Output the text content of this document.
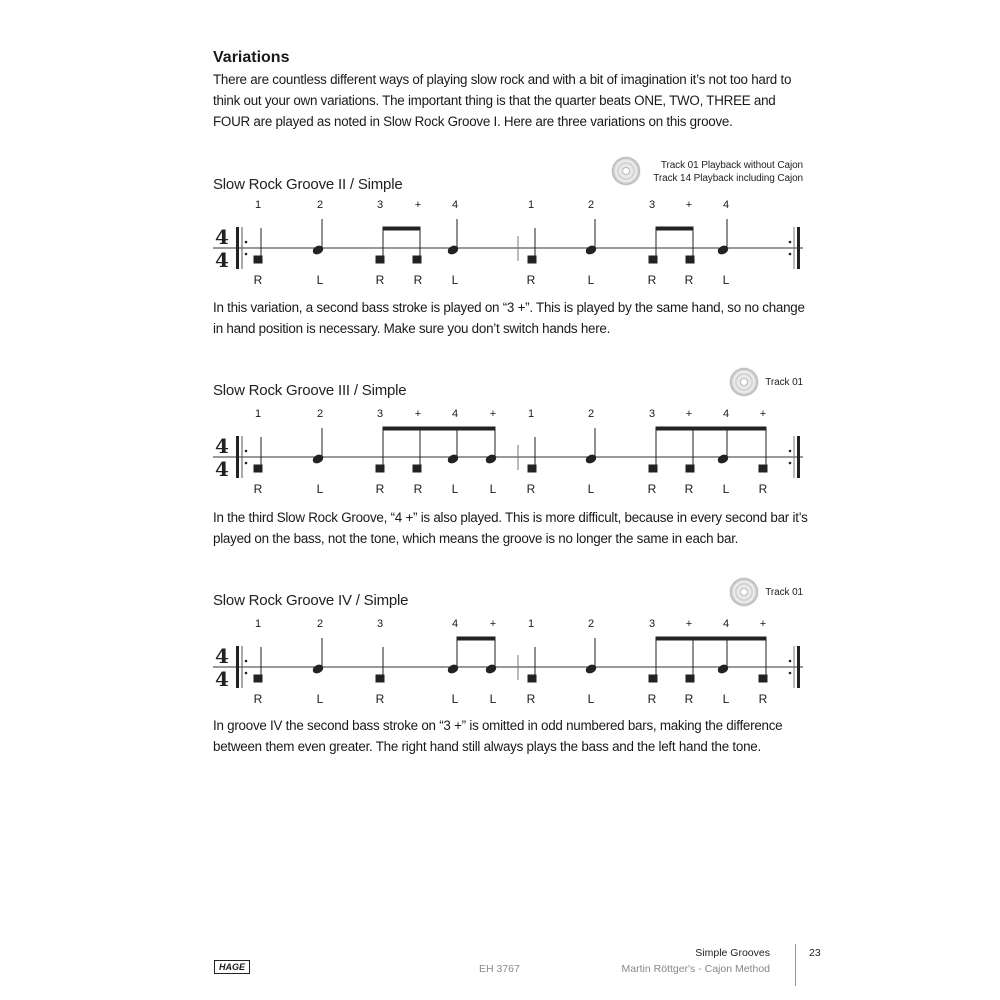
Variations
There are countless different ways of playing slow rock and with a bit of imagination it’s not too hard to think out your own variations. The important thing is that the quarter beats ONE, TWO, THREE and FOUR are played as noted in Slow Rock Groove I. Here are three variations on this groove.
Track 01 Playback without Cajon
Track 14 Playback including Cajon
Slow Rock Groove II / Simple
4
4
1	2	3	+	4	1	2	3	+	4
R	L	R R L	R	L	R R L
In this variation, a second bass stroke is played on “3 +”. This is played by the same hand, so no change in hand position is necessary. Make sure you don’t switch hands here.
Track 01
Slow Rock Groove III / Simple
4
4
1	2	3	+	4	+	1	2	3	+	4	+
R	L	R R L	L	R	L	R R L R
In the third Slow Rock Groove, “4 +” is also played. This is more difficult, because in every second bar it’s played on the bass, not the tone, which means the groove is no longer the same in each bar.
Track 01
Slow Rock Groove IV / Simple
4
4
1	2	3	4	+	1	2	3	+	4	+
R	L	R	L	L	R	L	R R L R
In groove IV the second bass stroke on “3 +” is omitted in odd numbered bars, making the difference between them even greater. The right hand still always plays the bass and the left hand the tone.
HAGE	EH 3767
Simple Grooves
Martin Röttger's - Cajon Method
23
